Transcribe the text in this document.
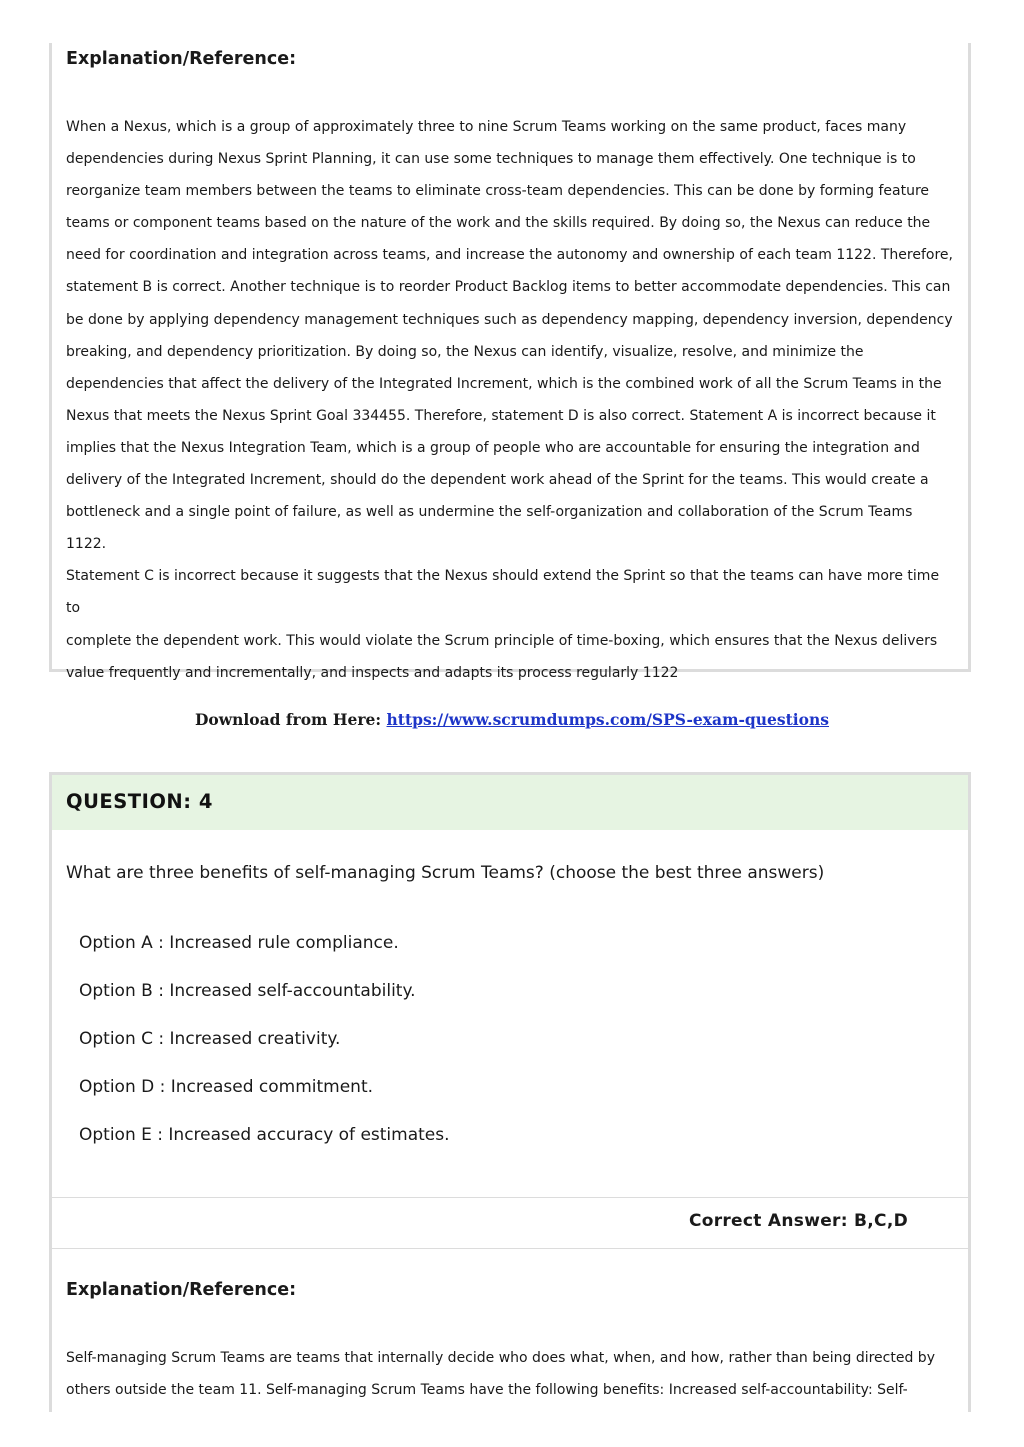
Explanation/Reference:

When a Nexus, which is a group of approximately three to nine Scrum Teams working on the same product, faces many
dependencies during Nexus Sprint Planning, it can use some techniques to manage them effectively. One technique is to
reorganize team members between the teams to eliminate cross-team dependencies. This can be done by forming feature
teams or component teams based on the nature of the work and the skills required. By doing so, the Nexus can reduce the
need for coordination and integration across teams, and increase the autonomy and ownership of each team 1122. Therefore,
statement B is correct. Another technique is to reorder Product Backlog items to better accommodate dependencies. This can
be done by applying dependency management techniques such as dependency mapping, dependency inversion, dependency
breaking, and dependency prioritization. By doing so, the Nexus can identify, visualize, resolve, and minimize the
dependencies that affect the delivery of the Integrated Increment, which is the combined work of all the Scrum Teams in the
Nexus that meets the Nexus Sprint Goal 334455. Therefore, statement D is also correct. Statement A is incorrect because it
implies that the Nexus Integration Team, which is a group of people who are accountable for ensuring the integration and
delivery of the Integrated Increment, should do the dependent work ahead of the Sprint for the teams. This would create a
bottleneck and a single point of failure, as well as undermine the self-organization and collaboration of the Scrum Teams 1122.
Statement C is incorrect because it suggests that the Nexus should extend the Sprint so that the teams can have more time to
complete the dependent work. This would violate the Scrum principle of time-boxing, which ensures that the Nexus delivers
value frequently and incrementally, and inspects and adapts its process regularly 1122
Download from Here: https://www.scrumdumps.com/SPS-exam-questions

QUESTION: 4

What are three benefits of self-managing Scrum Teams? (choose the best three answers)

Option A : Increased rule compliance.
Option B : Increased self-accountability.
Option C : Increased creativity.
Option D : Increased commitment.
Option E : Increased accuracy of estimates.

Correct Answer: B,C,D

Explanation/Reference:

Self-managing Scrum Teams are teams that internally decide who does what, when, and how, rather than being directed by
others outside the team 11. Self-managing Scrum Teams have the following benefits: Increased self-accountability: Self-
